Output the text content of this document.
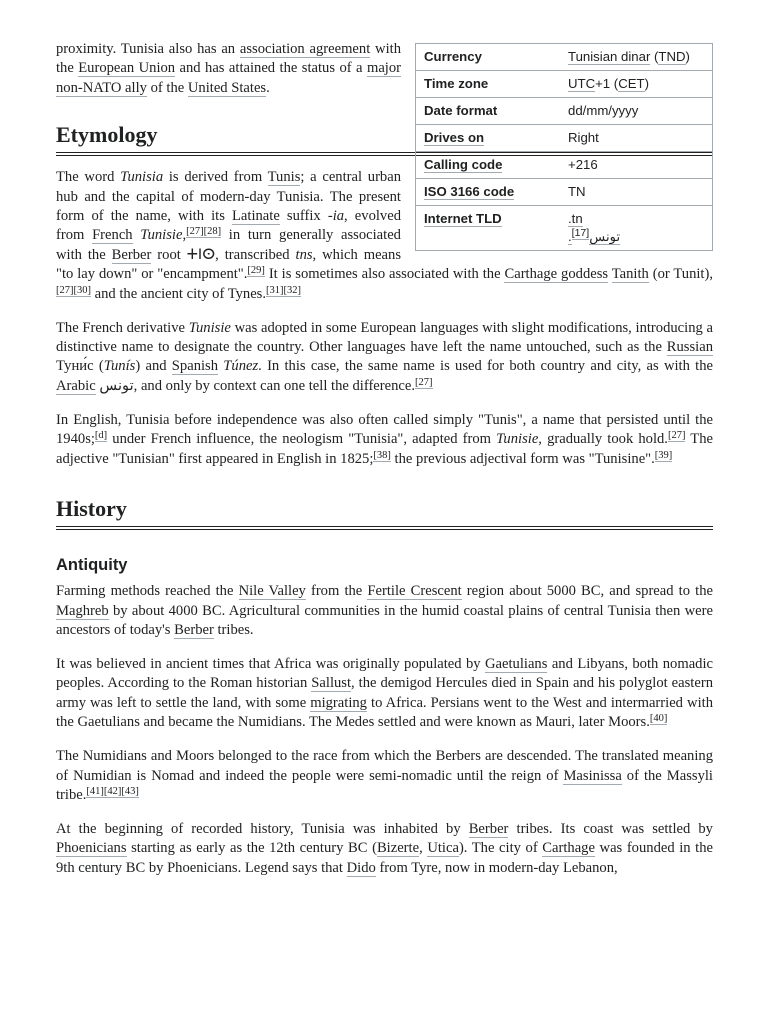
Currency	Tunisian dinar (TND)
Time zone	UTC+1 (CET)
Date format	dd/mm/yyyy
Drives on	Right
Calling code	+216
ISO 3166 code	TN
Internet TLD	.tn
.تونس[17]

proximity. Tunisia also has an association agreement with the European Union and has attained the status of a major non-NATO ally of the United States.

Etymology

The word Tunisia is derived from Tunis; a central urban hub and the capital of modern-day Tunisia. The present form of the name, with its Latinate suffix -ia, evolved from French Tunisie,[27][28] in turn generally associated with the Berber root ⵜⵏⵙ, transcribed tns, which means "to lay down" or "encampment".[29] It is sometimes also associated with the Carthage goddess Tanith (or Tunit),[27][30] and the ancient city of Tynes.[31][32]

The French derivative Tunisie was adopted in some European languages with slight modifications, introducing a distinctive name to designate the country. Other languages have left the name untouched, such as the Russian Туни́с (Tunís) and Spanish Túnez. In this case, the same name is used for both country and city, as with the Arabic تونس, and only by context can one tell the difference.[27]

In English, Tunisia before independence was also often called simply "Tunis", a name that persisted until the 1940s;[d] under French influence, the neologism "Tunisia", adapted from Tunisie, gradually took hold.[27] The adjective "Tunisian" first appeared in English in 1825;[38] the previous adjectival form was "Tunisine".[39]

History
Antiquity

Farming methods reached the Nile Valley from the Fertile Crescent region about 5000 BC, and spread to the Maghreb by about 4000 BC. Agricultural communities in the humid coastal plains of central Tunisia then were ancestors of today's Berber tribes.

It was believed in ancient times that Africa was originally populated by Gaetulians and Libyans, both nomadic peoples. According to the Roman historian Sallust, the demigod Hercules died in Spain and his polyglot eastern army was left to settle the land, with some migrating to Africa. Persians went to the West and intermarried with the Gaetulians and became the Numidians. The Medes settled and were known as Mauri, later Moors.[40]

The Numidians and Moors belonged to the race from which the Berbers are descended. The translated meaning of Numidian is Nomad and indeed the people were semi-nomadic until the reign of Masinissa of the Massyli tribe.[41][42][43]

At the beginning of recorded history, Tunisia was inhabited by Berber tribes. Its coast was settled by Phoenicians starting as early as the 12th century BC (Bizerte, Utica). The city of Carthage was founded in the 9th century BC by Phoenicians. Legend says that Dido from Tyre, now in modern-day Lebanon,
